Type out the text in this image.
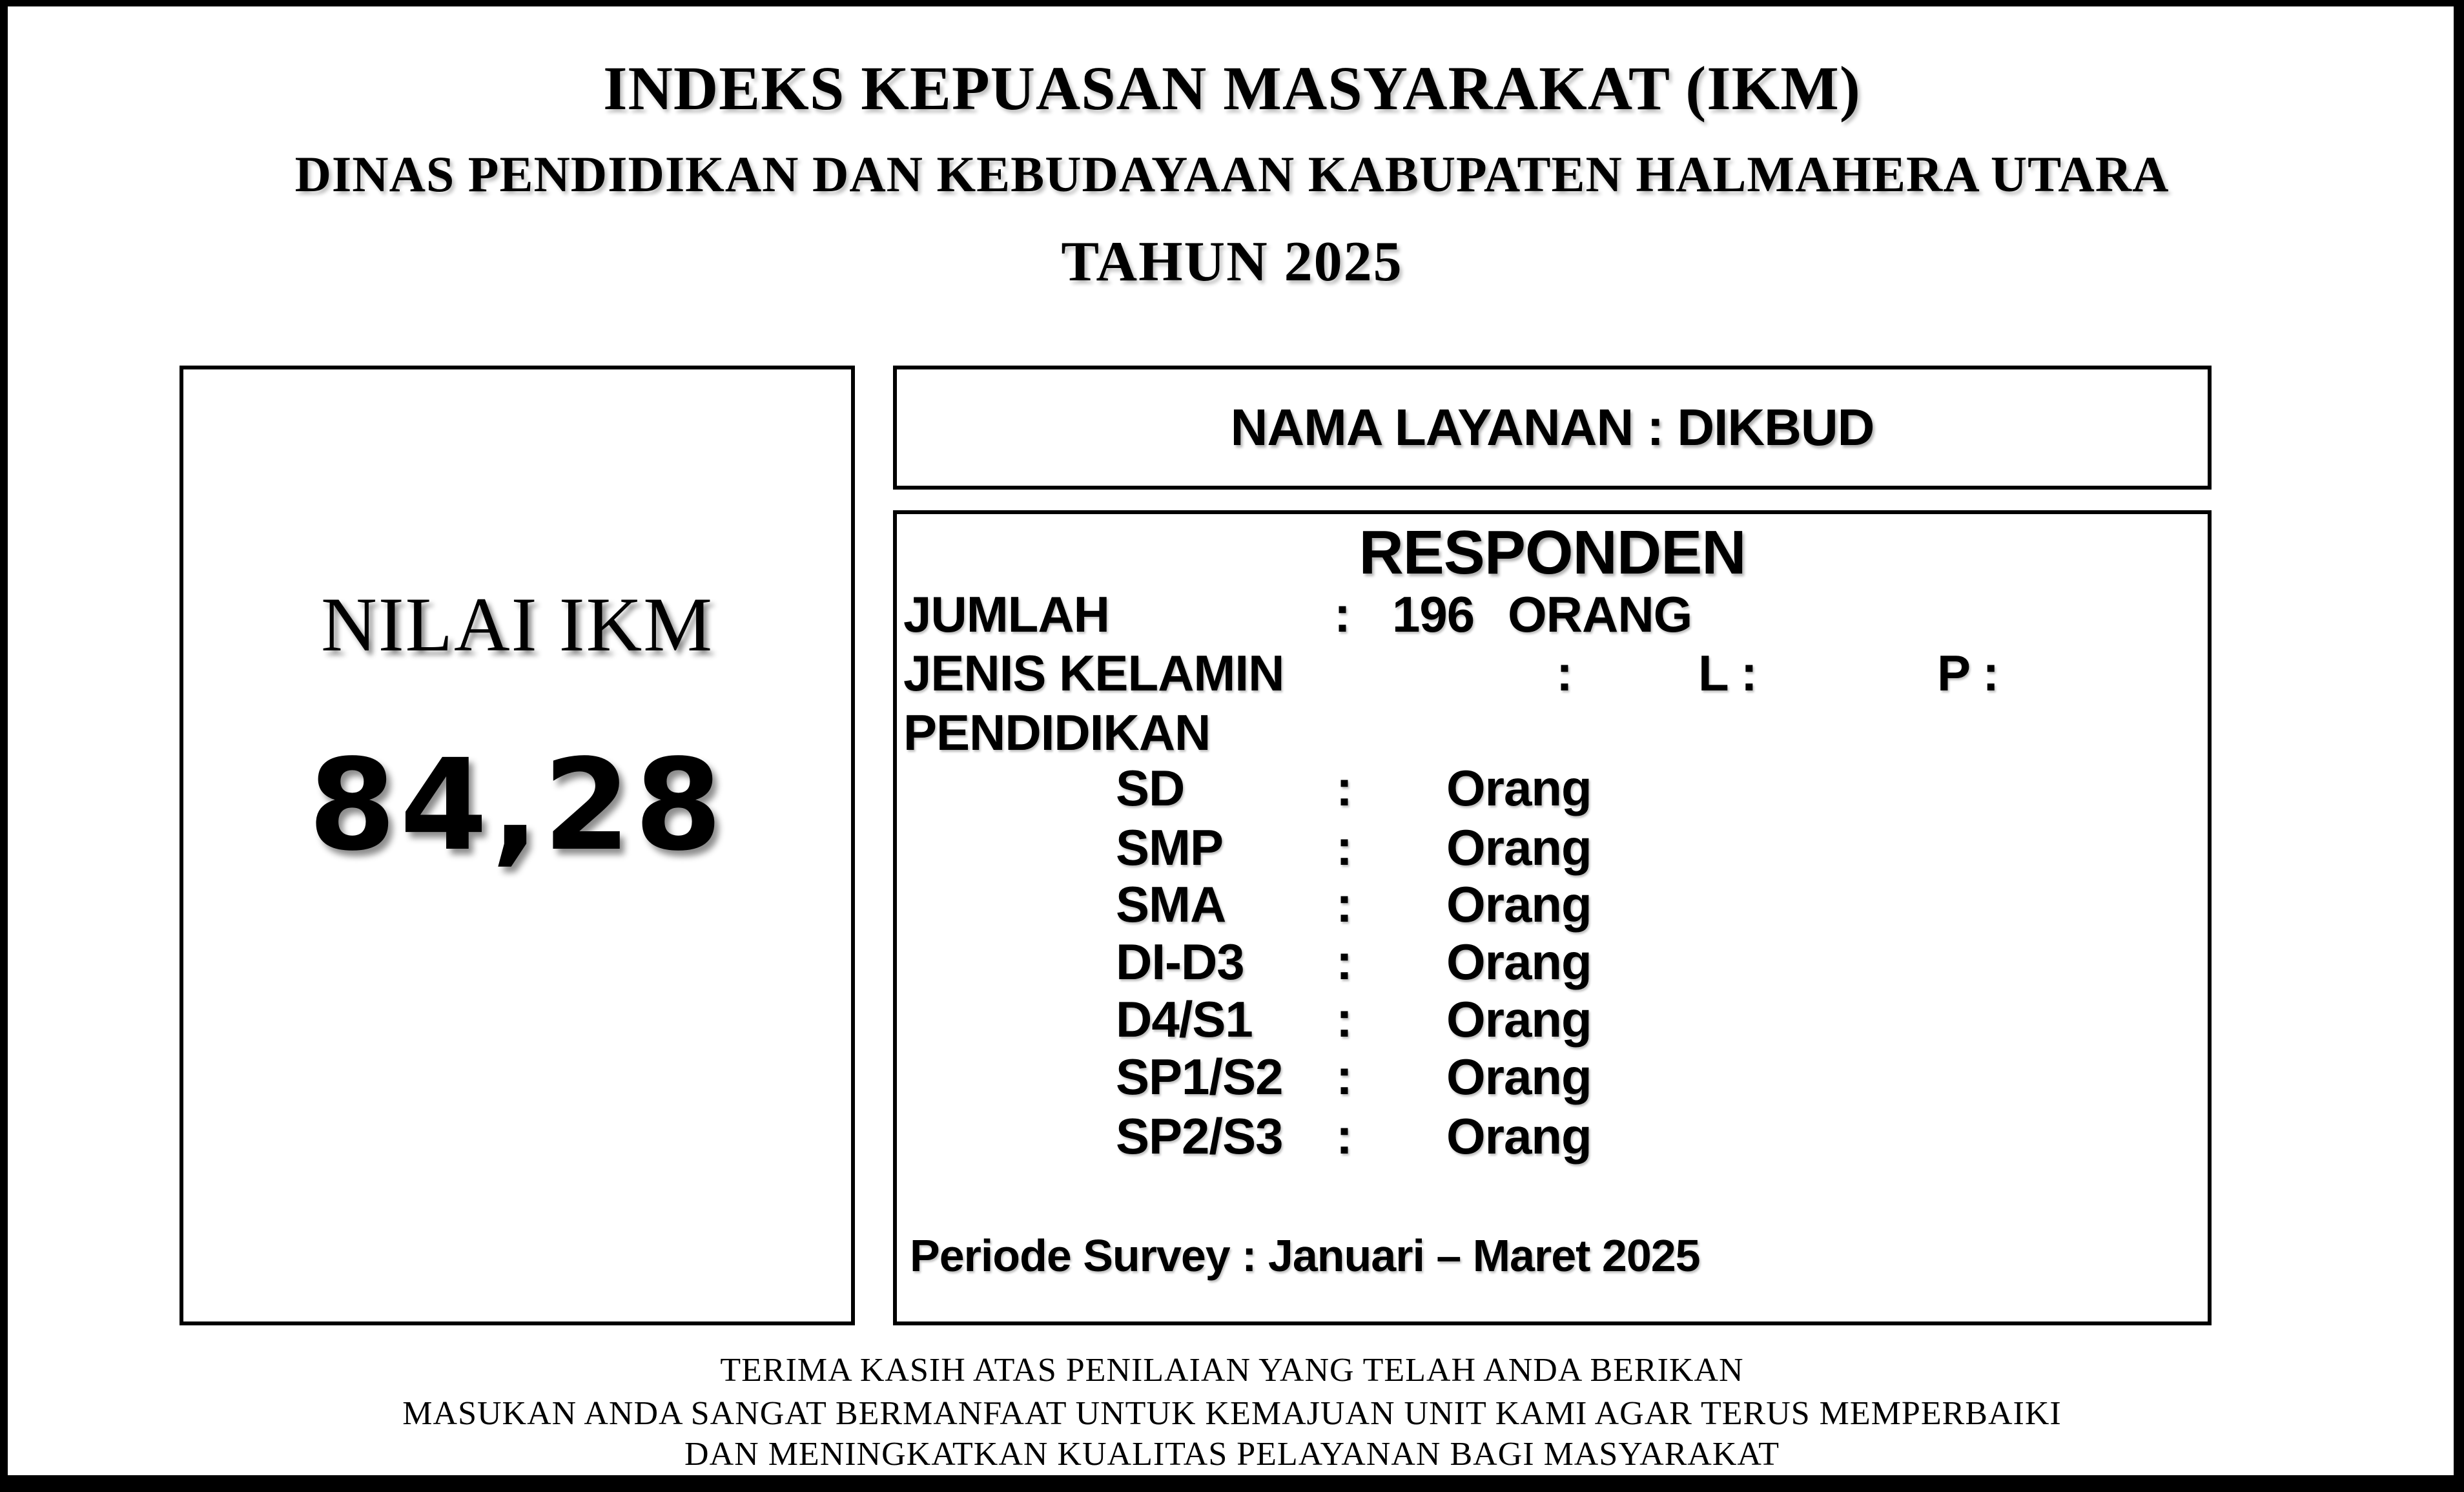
INDEKS KEPUASAN MASYARAKAT (IKM)
DINAS PENDIDIKAN DAN KEBUDAYAAN KABUPATEN HALMAHERA UTARA
TAHUN 2025
NILAI IKM
84,28
NAMA LAYANAN : DIKBUD
RESPONDEN
JUMLAH	: 196 ORANG
JENIS KELAMIN	:	L :	P :
PENDIDIKAN
SD	: Orang
SMP : Orang
SMA : Orang
DI-D3 : Orang
D4/S1 : Orang
SP1/S2 : Orang
SP2/S3 : Orang
Periode Survey : Januari – Maret 2025
TERIMA KASIH ATAS PENILAIAN YANG TELAH ANDA BERIKAN
MASUKAN ANDA SANGAT BERMANFAAT UNTUK KEMAJUAN UNIT KAMI AGAR TERUS MEMPERBAIKI
DAN MENINGKATKAN KUALITAS PELAYANAN BAGI MASYARAKAT
